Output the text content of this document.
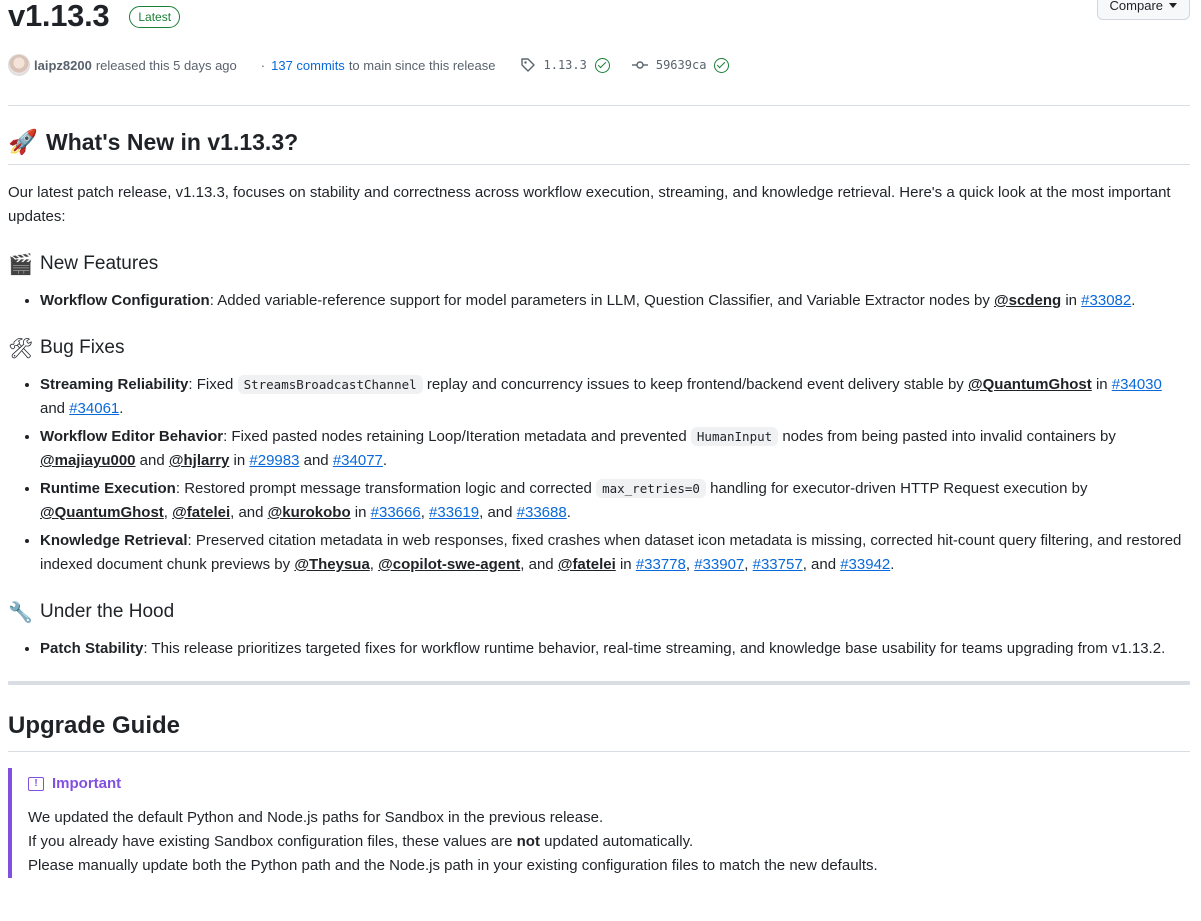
v1.13.3	Latest
Compare
laipz8200 released this 5 days ago · 137 commits to main since this release	1.13.3	59639ca
🚀 What's New in v1.13.3?

Our latest patch release, v1.13.3, focuses on stability and correctness across workflow execution, streaming, and knowledge retrieval. Here's a quick look at the most important updates:

🎬 New Features
• Workflow Configuration: Added variable-reference support for model parameters in LLM, Question Classifier, and Variable Extractor nodes by @scdeng in #33082.
🛠 Bug Fixes
• Streaming Reliability: Fixed StreamsBroadcastChannel replay and concurrency issues to keep frontend/backend event delivery stable by @QuantumGhost in #34030 and #34061.
• Workflow Editor Behavior: Fixed pasted nodes retaining Loop/Iteration metadata and prevented HumanInput nodes from being pasted into invalid containers by @majiayu000 and @hjlarry in #29983 and #34077.
• Runtime Execution: Restored prompt message transformation logic and corrected max_retries=0 handling for executor-driven HTTP Request execution by @QuantumGhost, @fatelei, and @kurokobo in #33666, #33619, and #33688.
• Knowledge Retrieval: Preserved citation metadata in web responses, fixed crashes when dataset icon metadata is missing, corrected hit-count query filtering, and restored indexed document chunk previews by @Theysua, @copilot-swe-agent, and @fatelei in #33778, #33907, #33757, and #33942.
🔧 Under the Hood
• Patch Stability: This release prioritizes targeted fixes for workflow runtime behavior, real-time streaming, and knowledge base usability for teams upgrading from v1.13.2.
Upgrade Guide
! Important

We updated the default Python and Node.js paths for Sandbox in the previous release.

If you already have existing Sandbox configuration files, these values are not updated automatically.

Please manually update both the Python path and the Node.js path in your existing configuration files to match the new defaults.
